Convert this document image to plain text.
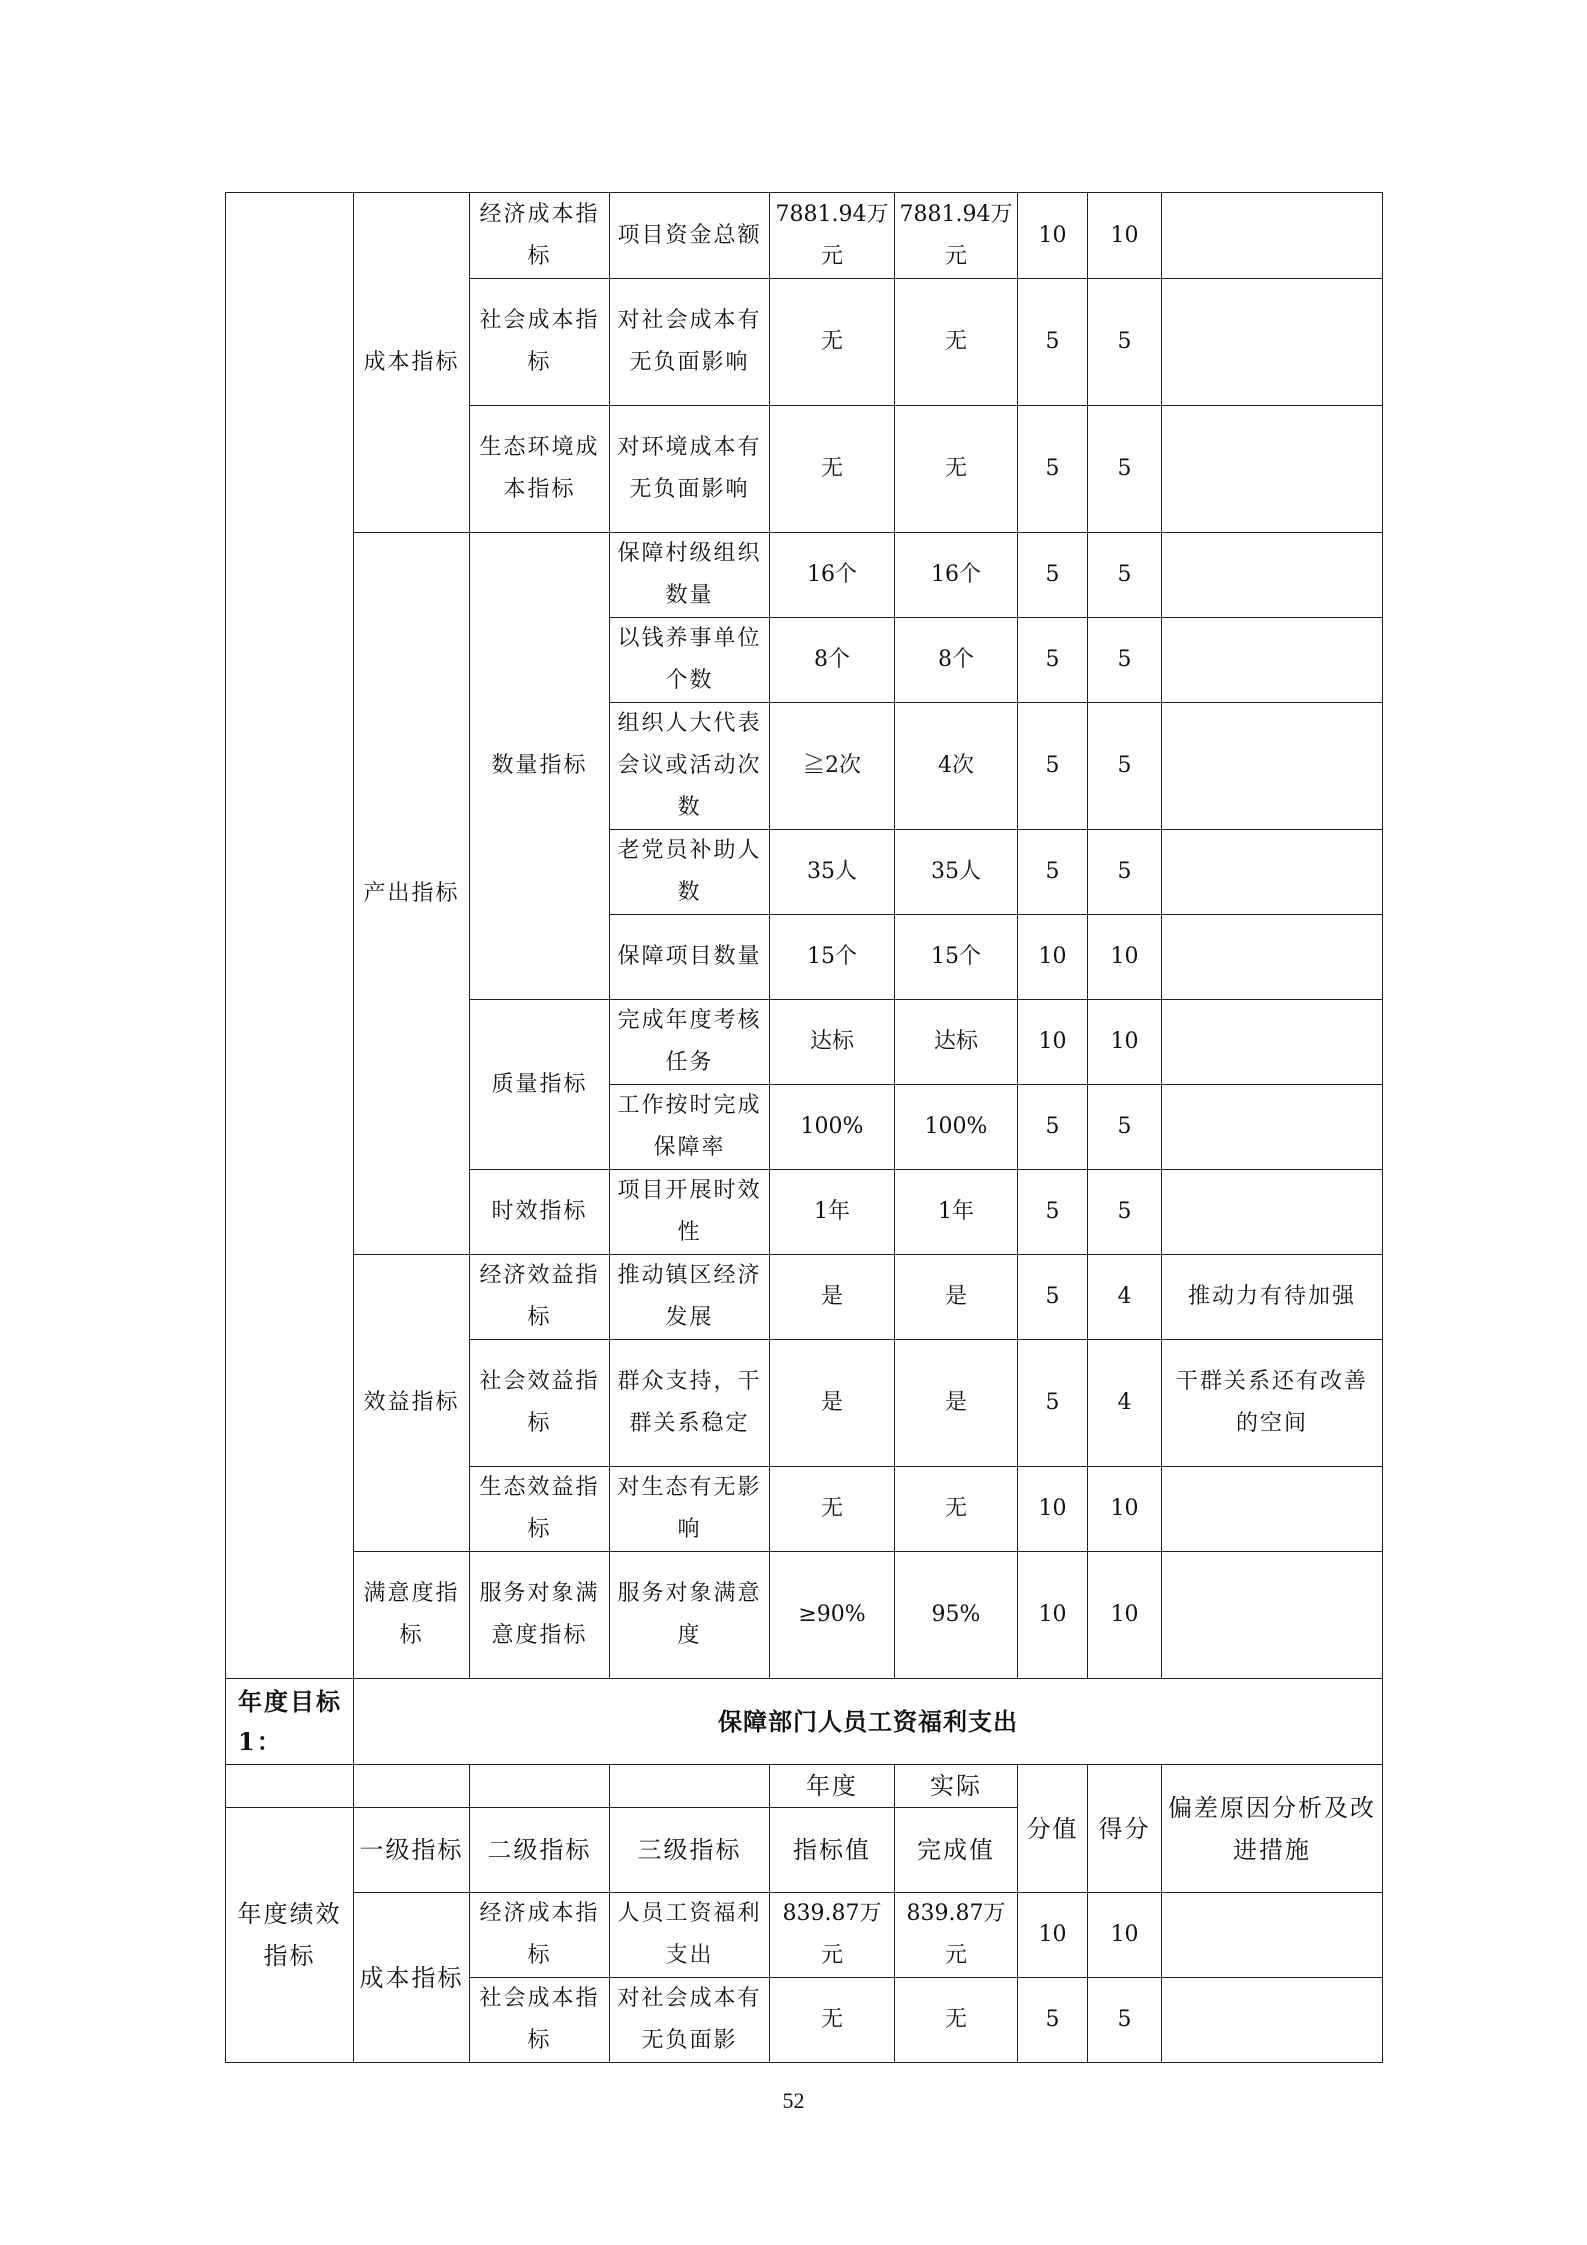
	成本指标	经济成本指标	项目资金总额	7881.94万元	7881.94万元	10	10	
		社会成本指标	对社会成本有无负面影响	无	无	5	5	
		生态环境成本指标	对环境成本有无负面影响	无	无	5	5	
	产出指标	数量指标	保障村级组织数量	16个	16个	5	5	
			以钱养事单位个数	8个	8个	5	5	
			组织人大代表会议或活动次数	≧2次	4次	5	5	
			老党员补助人数	35人	35人	5	5	
			保障项目数量	15个	15个	10	10	
		质量指标	完成年度考核任务	达标	达标	10	10	
			工作按时完成保障率	100%	100%	5	5	
		时效指标	项目开展时效性	1年	1年	5	5	
	效益指标	经济效益指标	推动镇区经济发展	是	是	5	4	推动力有待加强
		社会效益指标	群众支持，干群关系稳定	是	是	5	4	干群关系还有改善的空间
		生态效益指标	对生态有无影响	无	无	10	10	
	满意度指标	服务对象满意度指标	服务对象满意度	≥90%	95%	10	10	
年度目标1：	保障部门人员工资福利支出							
				年度	实际	分值	得分	偏差原因分析及改进措施
年度绩效指标	一级指标	二级指标	三级指标	指标值	完成值			
	成本指标	经济成本指标	人员工资福利支出	839.87万元	839.87万元	10	10	
		社会成本指标	对社会成本有无负面影	无	无	5	5	
52
